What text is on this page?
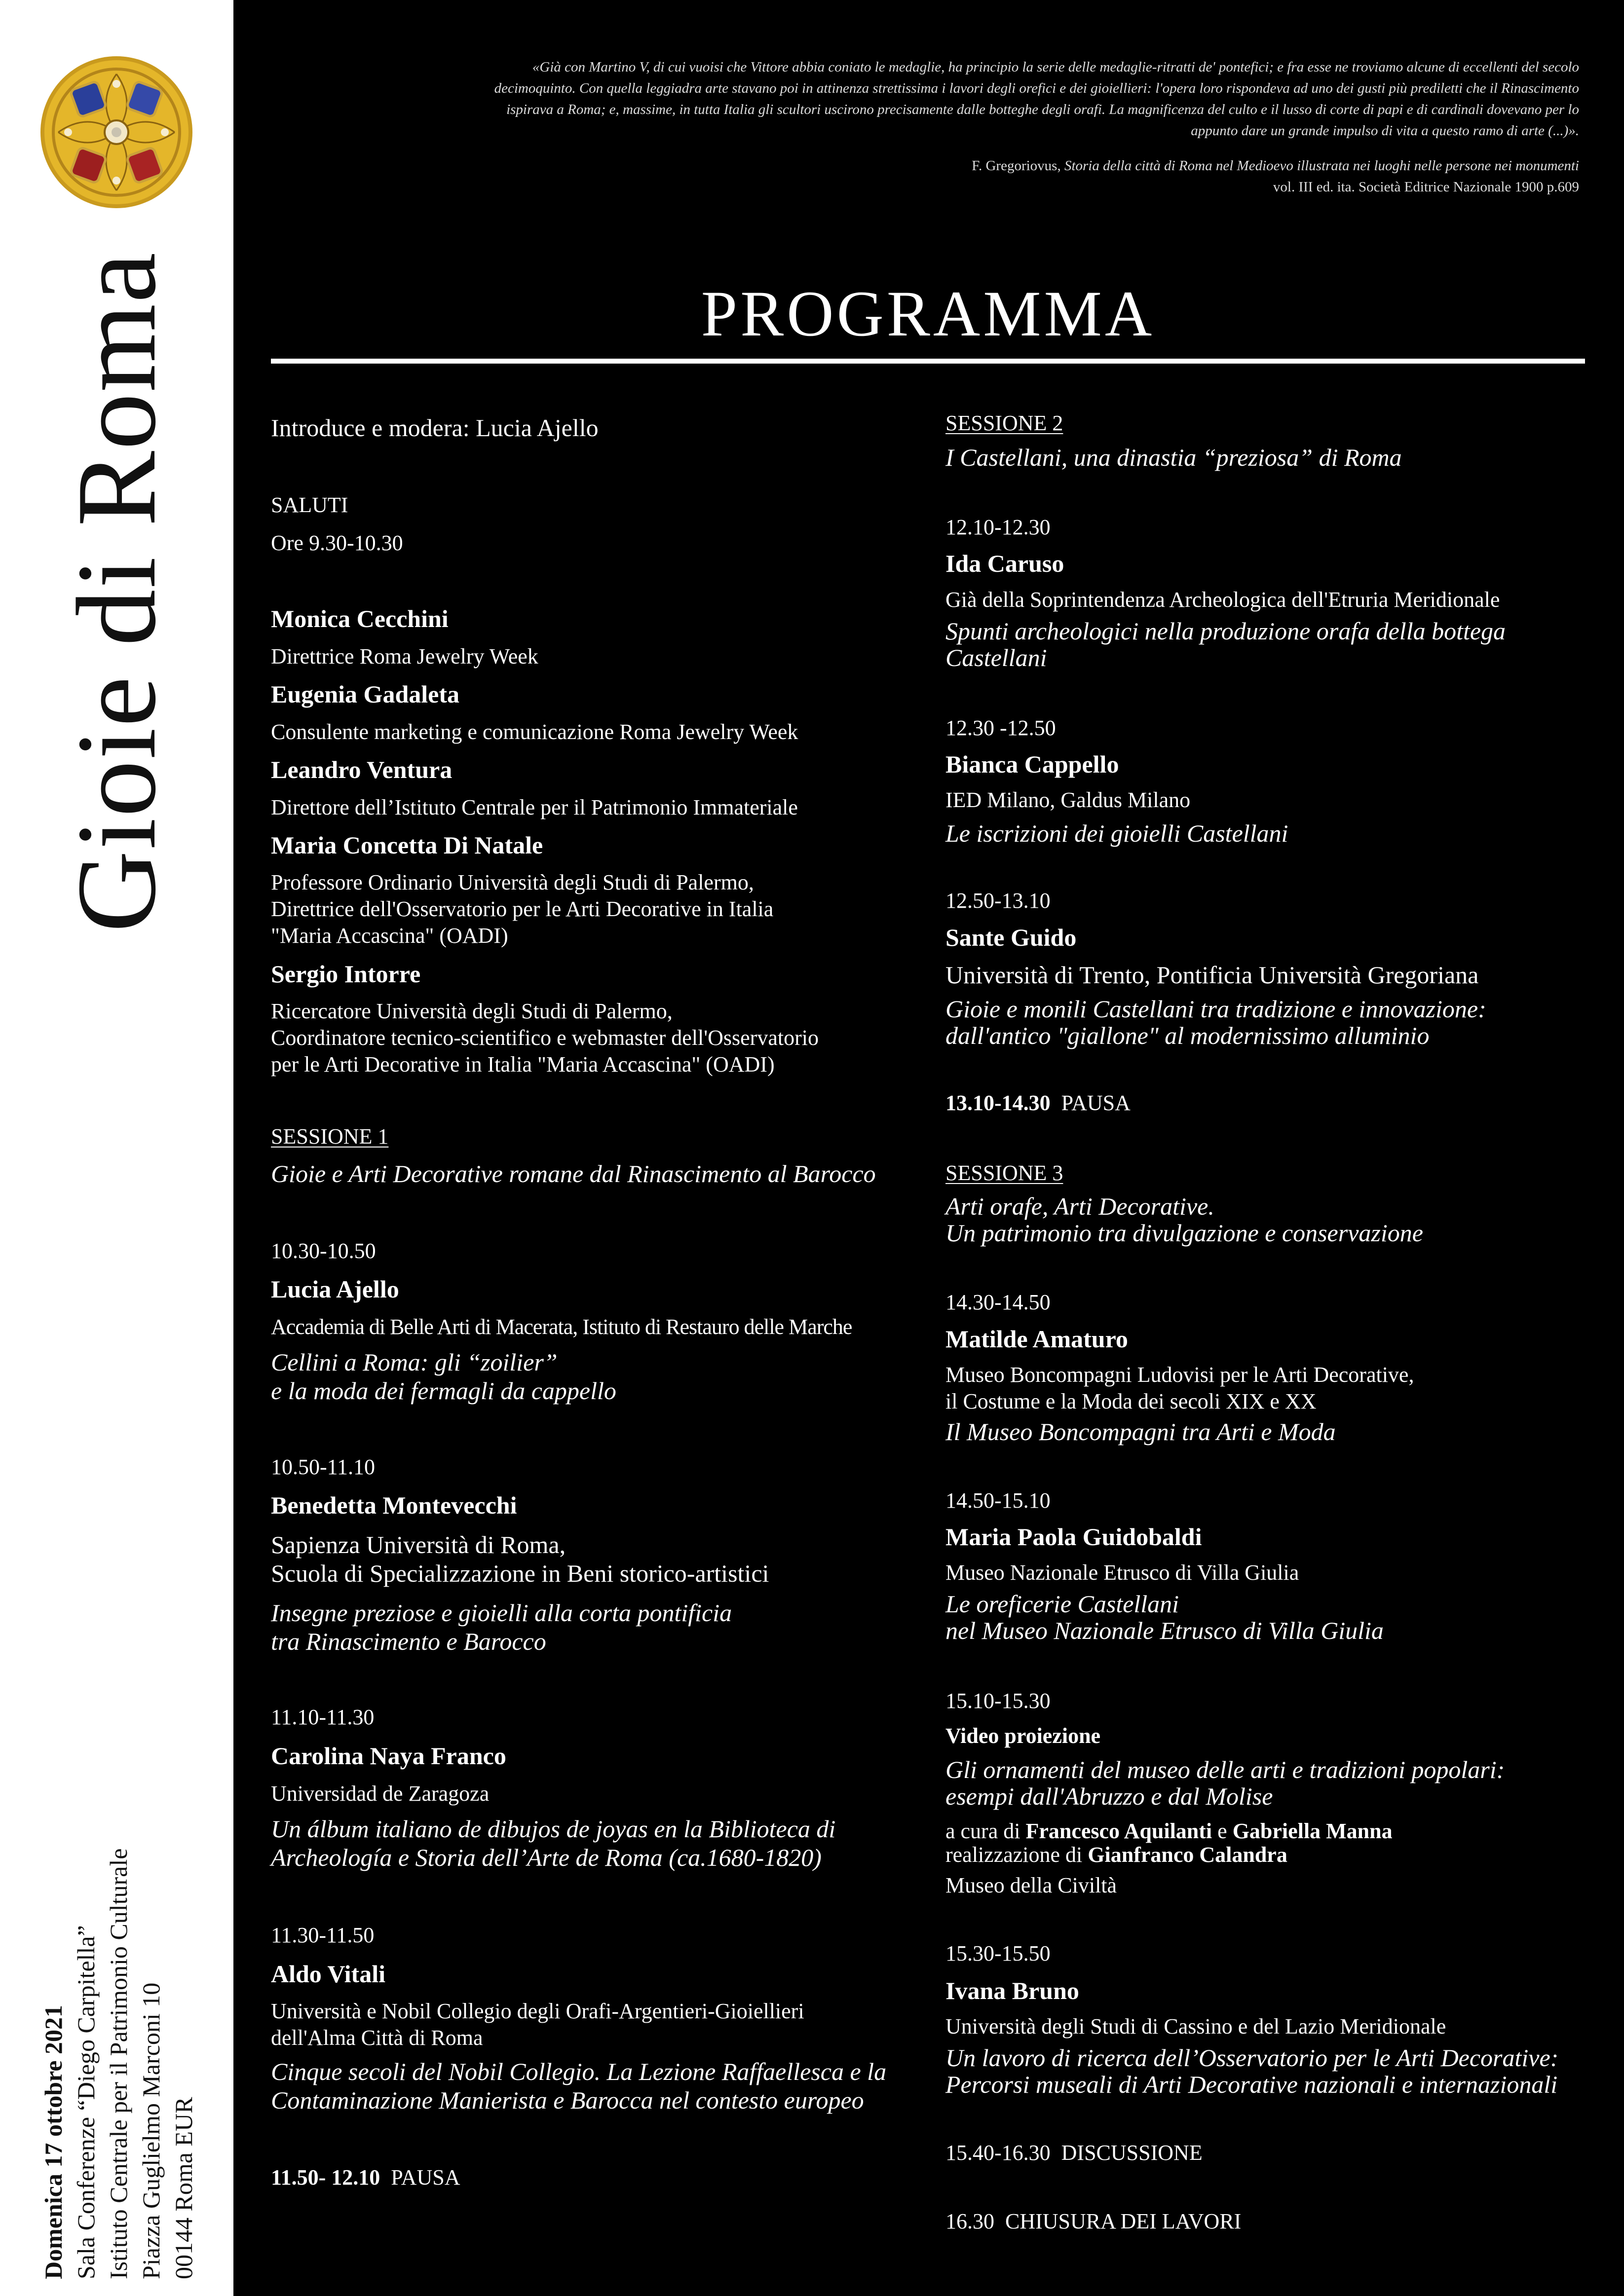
Gioie di Roma
Domenica 17 ottobre 2021 Sala Conferenze “Diego Carpitella” Istituto Centrale per il Patrimonio Culturale Piazza Guglielmo Marconi 10 00144 Roma EUR
«Già con Martino V, di cui vuoisi che Vittore abbia coniato le medaglie, ha principio la serie delle medaglie-ritratti de' pontefici; e fra esse ne troviamo alcune di eccellenti del secolo decimoquinto. Con quella leggiadra arte stavano poi in attinenza strettissima i lavori degli orefici e dei gioiellieri: l'opera loro rispondeva ad uno dei gusti più prediletti che il Rinascimento ispirava a Roma; e, massime, in tutta Italia gli scultori uscirono precisamente dalle botteghe degli orafi. La magnificenza del culto e il lusso di corte di papi e di cardinali dovevano per lo appunto dare un grande impulso di vita a questo ramo di arte (...)».
F. Gregoriovus, Storia della città di Roma nel Medioevo illustrata nei luoghi nelle persone nei monumenti
vol. III ed. ita. Società Editrice Nazionale 1900 p.609
PROGRAMMA
Introduce e modera: Lucia Ajello
SALUTI
Ore 9.30-10.30
Monica Cecchini
Direttrice Roma Jewelry Week
Eugenia Gadaleta
Consulente marketing e comunicazione Roma Jewelry Week
Leandro Ventura
Direttore dell’Istituto Centrale per il Patrimonio Immateriale
Maria Concetta Di Natale
Professore Ordinario Università degli Studi di Palermo,
Direttrice dell'Osservatorio per le Arti Decorative in Italia
"Maria Accascina" (OADI)
Sergio Intorre
Ricercatore Università degli Studi di Palermo,
Coordinatore tecnico-scientifico e webmaster dell'Osservatorio
per le Arti Decorative in Italia "Maria Accascina" (OADI)
SESSIONE 1
Gioie e Arti Decorative romane dal Rinascimento al Barocco
10.30-10.50
Lucia Ajello
Accademia di Belle Arti di Macerata, Istituto di Restauro delle Marche
Cellini a Roma: gli “zoilier”
e la moda dei fermagli da cappello
10.50-11.10
Benedetta Montevecchi
Sapienza Università di Roma,
Scuola di Specializzazione in Beni storico-artistici
Insegne preziose e gioielli alla corta pontificia
tra Rinascimento e Barocco
11.10-11.30
Carolina Naya Franco
Universidad de Zaragoza
Un álbum italiano de dibujos de joyas en la Biblioteca di
Archeología e Storia dell’Arte de Roma (ca.1680-1820)
11.30-11.50
Aldo Vitali
Università e Nobil Collegio degli Orafi-Argentieri-Gioiellieri
dell'Alma Città di Roma
Cinque secoli del Nobil Collegio. La Lezione Raffaellesca e la
Contaminazione Manierista e Barocca nel contesto europeo
11.50- 12.10 PAUSA
SESSIONE 2
I Castellani, una dinastia “preziosa” di Roma
12.10-12.30
Ida Caruso
Già della Soprintendenza Archeologica dell'Etruria Meridionale
Spunti archeologici nella produzione orafa della bottega
Castellani
12.30 -12.50
Bianca Cappello
IED Milano, Galdus Milano
Le iscrizioni dei gioielli Castellani
12.50-13.10
Sante Guido
Università di Trento, Pontificia Università Gregoriana
Gioie e monili Castellani tra tradizione e innovazione:
dall'antico "giallone" al modernissimo alluminio
13.10-14.30 PAUSA
SESSIONE 3
Arti orafe, Arti Decorative.
Un patrimonio tra divulgazione e conservazione
14.30-14.50
Matilde Amaturo
Museo Boncompagni Ludovisi per le Arti Decorative,
il Costume e la Moda dei secoli XIX e XX
Il Museo Boncompagni tra Arti e Moda
14.50-15.10
Maria Paola Guidobaldi
Museo Nazionale Etrusco di Villa Giulia
Le oreficerie Castellani
nel Museo Nazionale Etrusco di Villa Giulia
15.10-15.30
Video proiezione
Gli ornamenti del museo delle arti e tradizioni popolari:
esempi dall'Abruzzo e dal Molise
a cura di Francesco Aquilanti e Gabriella Manna
realizzazione di Gianfranco Calandra
Museo della Civiltà
15.30-15.50
Ivana Bruno
Università degli Studi di Cassino e del Lazio Meridionale
Un lavoro di ricerca dell’Osservatorio per le Arti Decorative:
Percorsi museali di Arti Decorative nazionali e internazionali
15.40-16.30  DISCUSSIONE
16.30  CHIUSURA DEI LAVORI
